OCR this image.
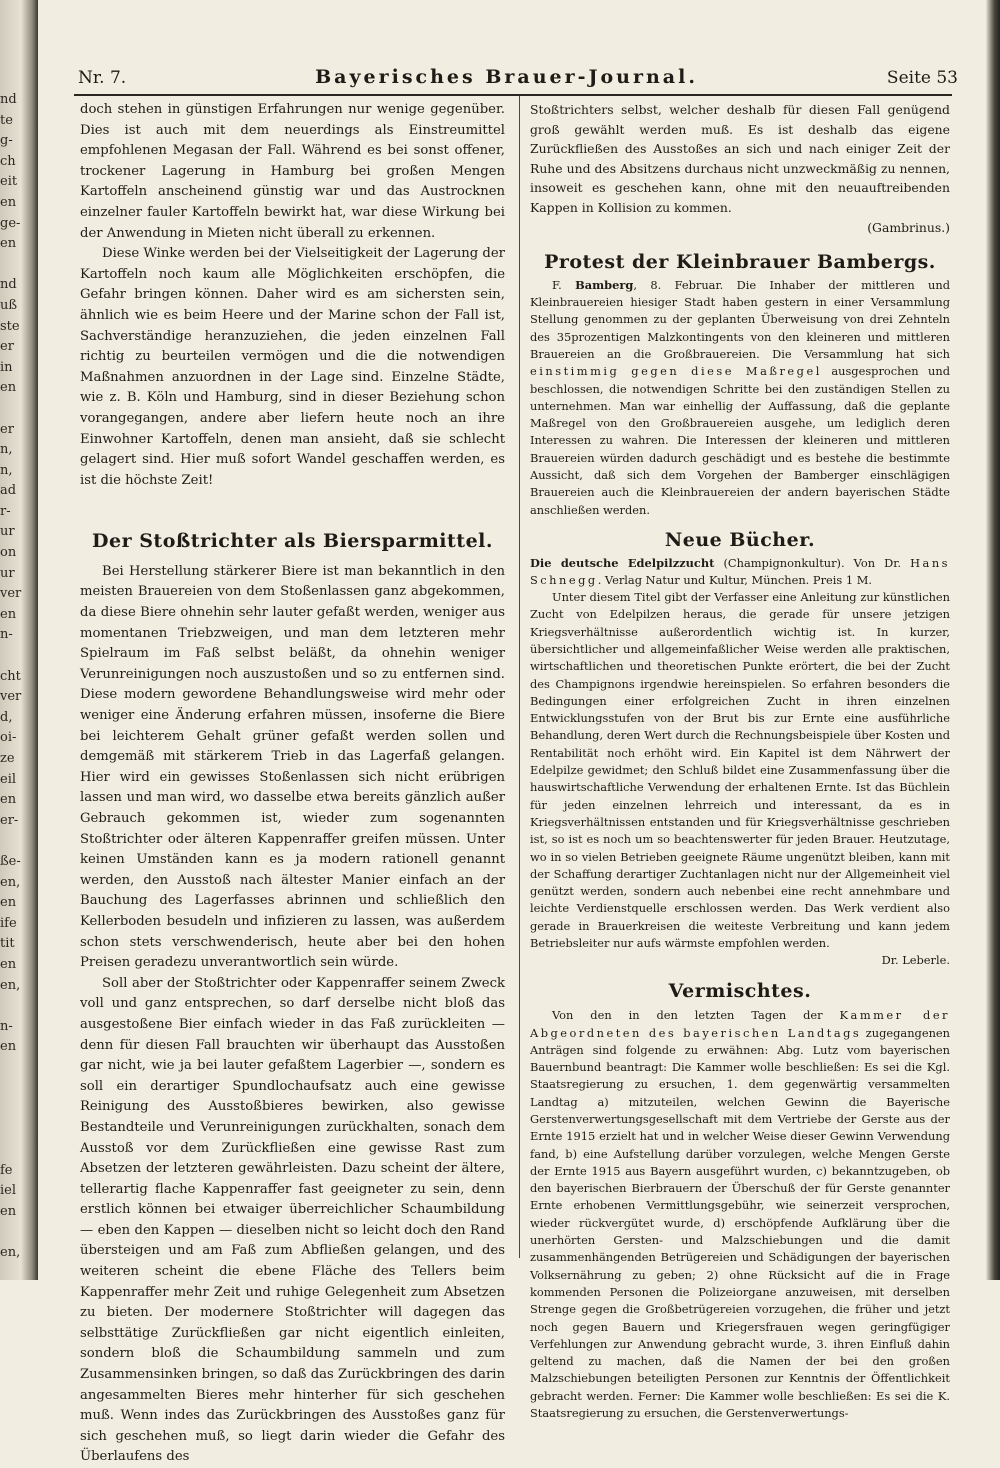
nd
te
g-
ch
eit
en
ge-
en

nd
uß
ste
er
in
en

er
n,
n,
ad
r-
ur
on
ur
ver
en
n-

cht
ver
d,
oi-
ze
eil
en
er-

ße-
en,
en
ife
tit
en
en,

n-
en

fe
iel
en

en,
Nr. 7.	Bayerisches Brauer-Journal.	Seite 53

doch stehen in günstigen Erfahrungen nur wenige gegenüber. Dies ist auch mit dem neuerdings als Einstreumittel empfohlenen Megasan der Fall. Während es bei sonst offener, trockener Lagerung in Hamburg bei großen Mengen Kartoffeln anscheinend günstig war und das Austrocknen einzelner fauler Kartoffeln bewirkt hat, war diese Wirkung bei der Anwendung in Mieten nicht überall zu erkennen.

Diese Winke werden bei der Vielseitigkeit der Lagerung der Kartoffeln noch kaum alle Möglichkeiten erschöpfen, die Gefahr bringen können. Daher wird es am sichersten sein, ähnlich wie es beim Heere und der Marine schon der Fall ist, Sachverständige heranzuziehen, die jeden einzelnen Fall richtig zu beurteilen vermögen und die die notwendigen Maßnahmen anzuordnen in der Lage sind. Einzelne Städte, wie z. B. Köln und Hamburg, sind in dieser Beziehung schon vorangegangen, andere aber liefern heute noch an ihre Einwohner Kartoffeln, denen man ansieht, daß sie schlecht gelagert sind. Hier muß sofort Wandel geschaffen werden, es ist die höchste Zeit!

Der Stoßtrichter als Biersparmittel.

Bei Herstellung stärkerer Biere ist man bekanntlich in den meisten Brauereien von dem Stoßenlassen ganz abgekommen, da diese Biere ohnehin sehr lauter gefaßt werden, weniger aus momentanen Triebzweigen, und man dem letzteren mehr Spielraum im Faß selbst beläßt, da ohnehin weniger Verunreinigungen noch auszustoßen und so zu entfernen sind. Diese modern gewordene Behandlungsweise wird mehr oder weniger eine Änderung erfahren müssen, insoferne die Biere bei leichterem Gehalt grüner gefaßt werden sollen und demgemäß mit stärkerem Trieb in das Lagerfaß gelangen. Hier wird ein gewisses Stoßenlassen sich nicht erübrigen lassen und man wird, wo dasselbe etwa bereits gänzlich außer Gebrauch gekommen ist, wieder zum sogenannten Stoßtrichter oder älteren Kappenraffer greifen müssen. Unter keinen Umständen kann es ja modern rationell genannt werden, den Ausstoß nach ältester Manier einfach an der Bauchung des Lagerfasses abrinnen und schließlich den Kellerboden besudeln und infizieren zu lassen, was außerdem schon stets verschwenderisch, heute aber bei den hohen Preisen geradezu unverantwortlich sein würde.

Soll aber der Stoßtrichter oder Kappenraffer seinem Zweck voll und ganz entsprechen, so darf derselbe nicht bloß das ausgestoßene Bier einfach wieder in das Faß zurückleiten — denn für diesen Fall brauchten wir überhaupt das Ausstoßen gar nicht, wie ja bei lauter gefaßtem Lagerbier —, sondern es soll ein derartiger Spundlochaufsatz auch eine gewisse Reinigung des Ausstoßbieres bewirken, also gewisse Bestandteile und Verunreinigungen zurückhalten, sonach dem Ausstoß vor dem Zurückfließen eine gewisse Rast zum Absetzen der letzteren gewährleisten. Dazu scheint der ältere, tellerartig flache Kappenraffer fast geeigneter zu sein, denn erstlich können bei etwaiger überreichlicher Schaumbildung — eben den Kappen — dieselben nicht so leicht doch den Rand übersteigen und am Faß zum Abfließen gelangen, und des weiteren scheint die ebene Fläche des Tellers beim Kappenraffer mehr Zeit und ruhige Gelegenheit zum Absetzen zu bieten. Der modernere Stoßtrichter will dagegen das selbsttätige Zurückfließen gar nicht eigentlich einleiten, sondern bloß die Schaumbildung sammeln und zum Zusammensinken bringen, so daß das Zurückbringen des darin angesammelten Bieres mehr hinterher für sich geschehen muß. Wenn indes das Zurückbringen des Ausstoßes ganz für sich geschehen muß, so liegt darin wieder die Gefahr des Überlaufens des

Stoßtrichters selbst, welcher deshalb für diesen Fall genügend groß gewählt werden muß. Es ist deshalb das eigene Zurückfließen des Ausstoßes an sich und nach einiger Zeit der Ruhe und des Absitzens durchaus nicht unzweckmäßig zu nennen, insoweit es geschehen kann, ohne mit den neuauftreibenden Kappen in Kollision zu kommen.

(Gambrinus.)

Protest der Kleinbrauer Bambergs.

F. Bamberg, 8. Februar. Die Inhaber der mittleren und Kleinbrauereien hiesiger Stadt haben gestern in einer Versammlung Stellung genommen zu der geplanten Überweisung von drei Zehnteln des 35prozentigen Malzkontingents von den kleineren und mittleren Brauereien an die Großbrauereien. Die Versammlung hat sich einstimmig gegen diese Maßregel ausgesprochen und beschlossen, die notwendigen Schritte bei den zuständigen Stellen zu unternehmen. Man war einhellig der Auffassung, daß die geplante Maßregel von den Großbrauereien ausgehe, um lediglich deren Interessen zu wahren. Die Interessen der kleineren und mittleren Brauereien würden dadurch geschädigt und es bestehe die bestimmte Aussicht, daß sich dem Vorgehen der Bamberger einschlägigen Brauereien auch die Kleinbrauereien der andern bayerischen Städte anschließen werden.

Neue Bücher.

Die deutsche Edelpilzzucht (Champignonkultur). Von Dr. Hans Schnegg. Verlag Natur und Kultur, München. Preis 1 M.

Unter diesem Titel gibt der Verfasser eine Anleitung zur künstlichen Zucht von Edelpilzen heraus, die gerade für unsere jetzigen Kriegsverhältnisse außerordentlich wichtig ist. In kurzer, übersichtlicher und allgemeinfaßlicher Weise werden alle praktischen, wirtschaftlichen und theoretischen Punkte erörtert, die bei der Zucht des Champignons irgendwie hereinspielen. So erfahren besonders die Bedingungen einer erfolgreichen Zucht in ihren einzelnen Entwicklungsstufen von der Brut bis zur Ernte eine ausführliche Behandlung, deren Wert durch die Rechnungsbeispiele über Kosten und Rentabilität noch erhöht wird. Ein Kapitel ist dem Nährwert der Edelpilze gewidmet; den Schluß bildet eine Zusammenfassung über die hauswirtschaftliche Verwendung der erhaltenen Ernte. Ist das Büchlein für jeden einzelnen lehrreich und interessant, da es in Kriegsverhältnissen entstanden und für Kriegsverhältnisse geschrieben ist, so ist es noch um so beachtenswerter für jeden Brauer. Heutzutage, wo in so vielen Betrieben geeignete Räume ungenützt bleiben, kann mit der Schaffung derartiger Zuchtanlagen nicht nur der Allgemeinheit viel genützt werden, sondern auch nebenbei eine recht annehmbare und leichte Verdienstquelle erschlossen werden. Das Werk verdient also gerade in Brauerkreisen die weiteste Verbreitung und kann jedem Betriebsleiter nur aufs wärmste empfohlen werden.

Dr. Leberle.

Vermischtes.

Von den in den letzten Tagen der Kammer der Abgeordneten des bayerischen Landtags zugegangenen Anträgen sind folgende zu erwähnen: Abg. Lutz vom bayerischen Bauernbund beantragt: Die Kammer wolle beschließen: Es sei die Kgl. Staatsregierung zu ersuchen, 1. dem gegenwärtig versammelten Landtag a) mitzuteilen, welchen Gewinn die Bayerische Gerstenverwertungsgesellschaft mit dem Vertriebe der Gerste aus der Ernte 1915 erzielt hat und in welcher Weise dieser Gewinn Verwendung fand, b) eine Aufstellung darüber vorzulegen, welche Mengen Gerste der Ernte 1915 aus Bayern ausgeführt wurden, c) bekanntzugeben, ob den bayerischen Bierbrauern der Überschuß der für Gerste genannter Ernte erhobenen Vermittlungsgebühr, wie seinerzeit versprochen, wieder rückvergütet wurde, d) erschöpfende Aufklärung über die unerhörten Gersten- und Malzschiebungen und die damit zusammenhängenden Betrügereien und Schädigungen der bayerischen Volksernährung zu geben; 2) ohne Rücksicht auf die in Frage kommenden Personen die Polizeiorgane anzuweisen, mit derselben Strenge gegen die Großbetrügereien vorzugehen, die früher und jetzt noch gegen Bauern und Kriegersfrauen wegen geringfügiger Verfehlungen zur Anwendung gebracht wurde, 3. ihren Einfluß dahin geltend zu machen, daß die Namen der bei den großen Malzschiebungen beteiligten Personen zur Kenntnis der Öffentlichkeit gebracht werden. Ferner: Die Kammer wolle beschließen: Es sei die K. Staatsregierung zu ersuchen, die Gerstenverwertungs-
